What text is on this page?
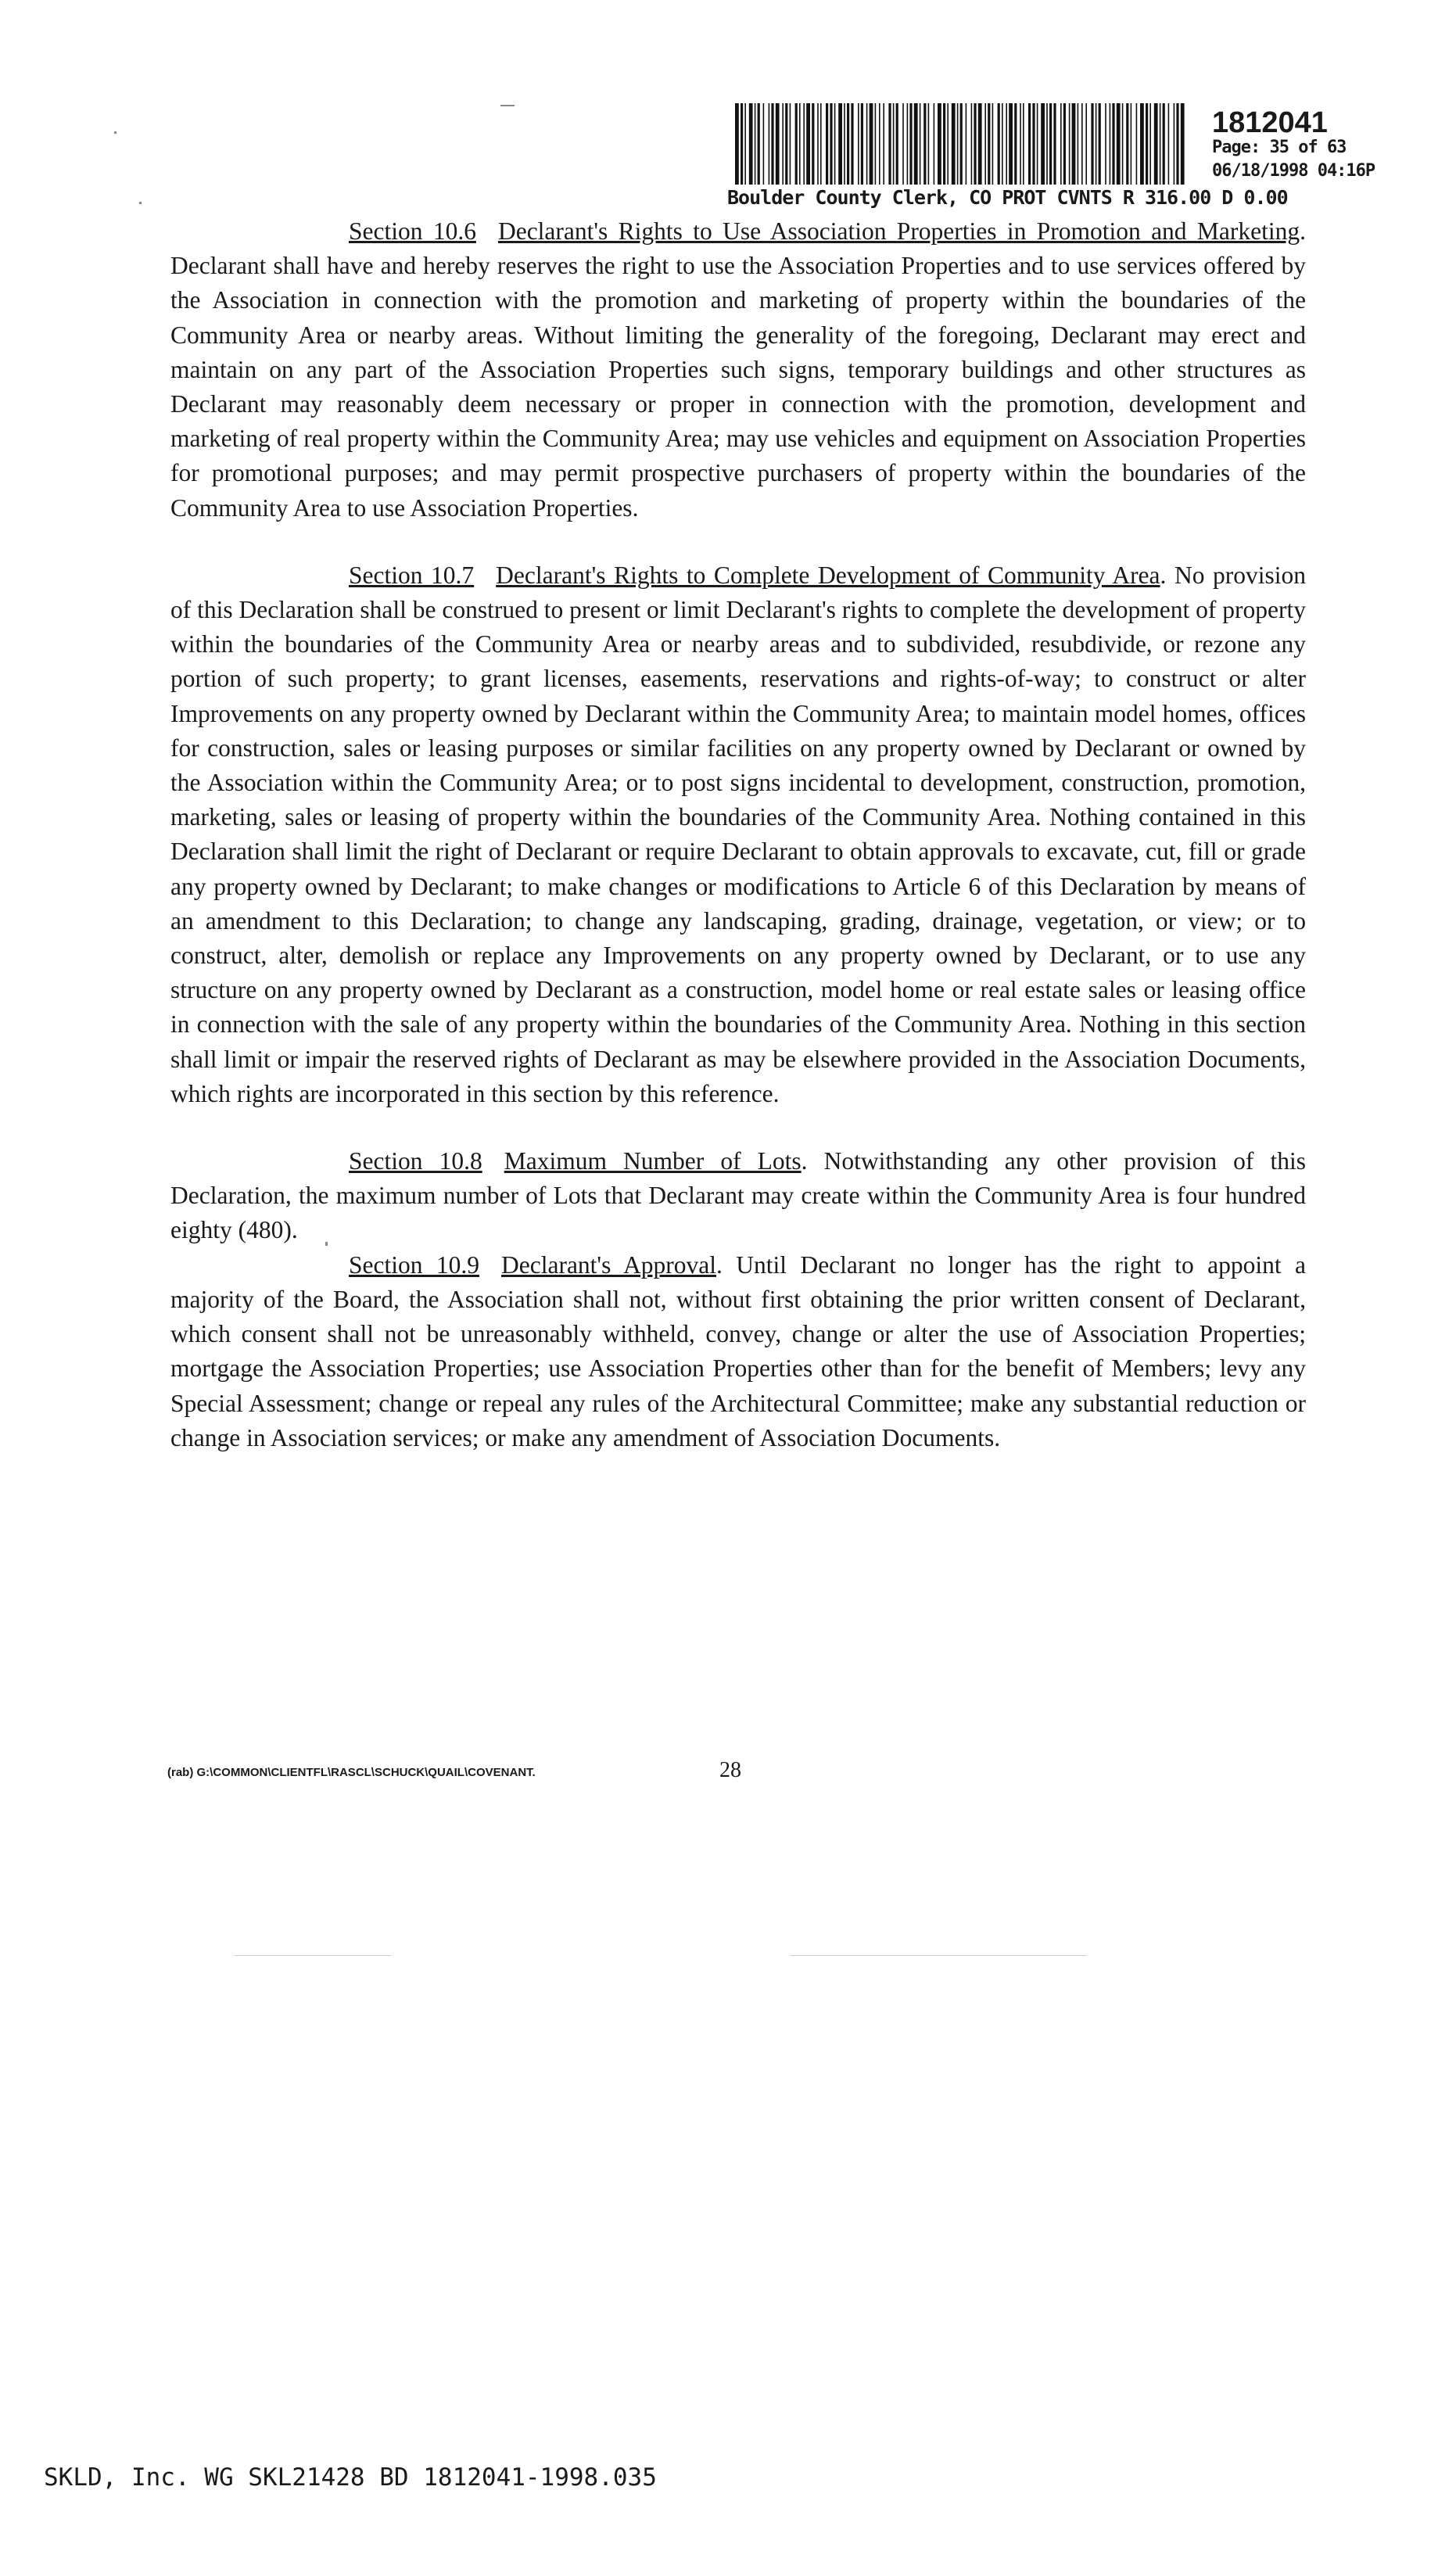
Boulder County Clerk, CO PROT CVNTS R 316.00 D 0.00
1812041
Page: 35 of 63
06/18/1998 04:16P

Section 10.6 Declarant's Rights to Use Association Properties in Promotion and Marketing. Declarant shall have and hereby reserves the right to use the Association Properties and to use services offered by the Association in connection with the promotion and marketing of property within the boundaries of the Community Area or nearby areas. Without limiting the generality of the foregoing, Declarant may erect and maintain on any part of the Association Properties such signs, temporary buildings and other structures as Declarant may reasonably deem necessary or proper in connection with the promotion, development and marketing of real property within the Community Area; may use vehicles and equipment on Association Properties for promotional purposes; and may permit prospective purchasers of property within the boundaries of the Community Area to use Association Properties.

Section 10.7 Declarant's Rights to Complete Development of Community Area. No provision of this Declaration shall be construed to present or limit Declarant's rights to complete the development of property within the boundaries of the Community Area or nearby areas and to subdivided, resubdivide, or rezone any portion of such property; to grant licenses, easements, reservations and rights-of-way; to construct or alter Improvements on any property owned by Declarant within the Community Area; to maintain model homes, offices for construction, sales or leasing purposes or similar facilities on any property owned by Declarant or owned by the Association within the Community Area; or to post signs incidental to development, construction, promotion, marketing, sales or leasing of property within the boundaries of the Community Area. Nothing contained in this Declaration shall limit the right of Declarant or require Declarant to obtain approvals to excavate, cut, fill or grade any property owned by Declarant; to make changes or modifications to Article 6 of this Declaration by means of an amendment to this Declaration; to change any landscaping, grading, drainage, vegetation, or view; or to construct, alter, demolish or replace any Improvements on any property owned by Declarant, or to use any structure on any property owned by Declarant as a construction, model home or real estate sales or leasing office in connection with the sale of any property within the boundaries of the Community Area. Nothing in this section shall limit or impair the reserved rights of Declarant as may be elsewhere provided in the Association Documents, which rights are incorporated in this section by this reference.

Section 10.8 Maximum Number of Lots. Notwithstanding any other provision of this Declaration, the maximum number of Lots that Declarant may create within the Community Area is four hundred eighty (480).

Section 10.9 Declarant's Approval. Until Declarant no longer has the right to appoint a majority of the Board, the Association shall not, without first obtaining the prior written consent of Declarant, which consent shall not be unreasonably withheld, convey, change or alter the use of Association Properties; mortgage the Association Properties; use Association Properties other than for the benefit of Members; levy any Special Assessment; change or repeal any rules of the Architectural Committee; make any substantial reduction or change in Association services; or make any amendment of Association Documents.

(rab) G:\COMMON\CLIENTFL\RASCL\SCHUCK\QUAIL\COVENANT.	28
SKLD, Inc. WG SKL21428 BD 1812041-1998.035
